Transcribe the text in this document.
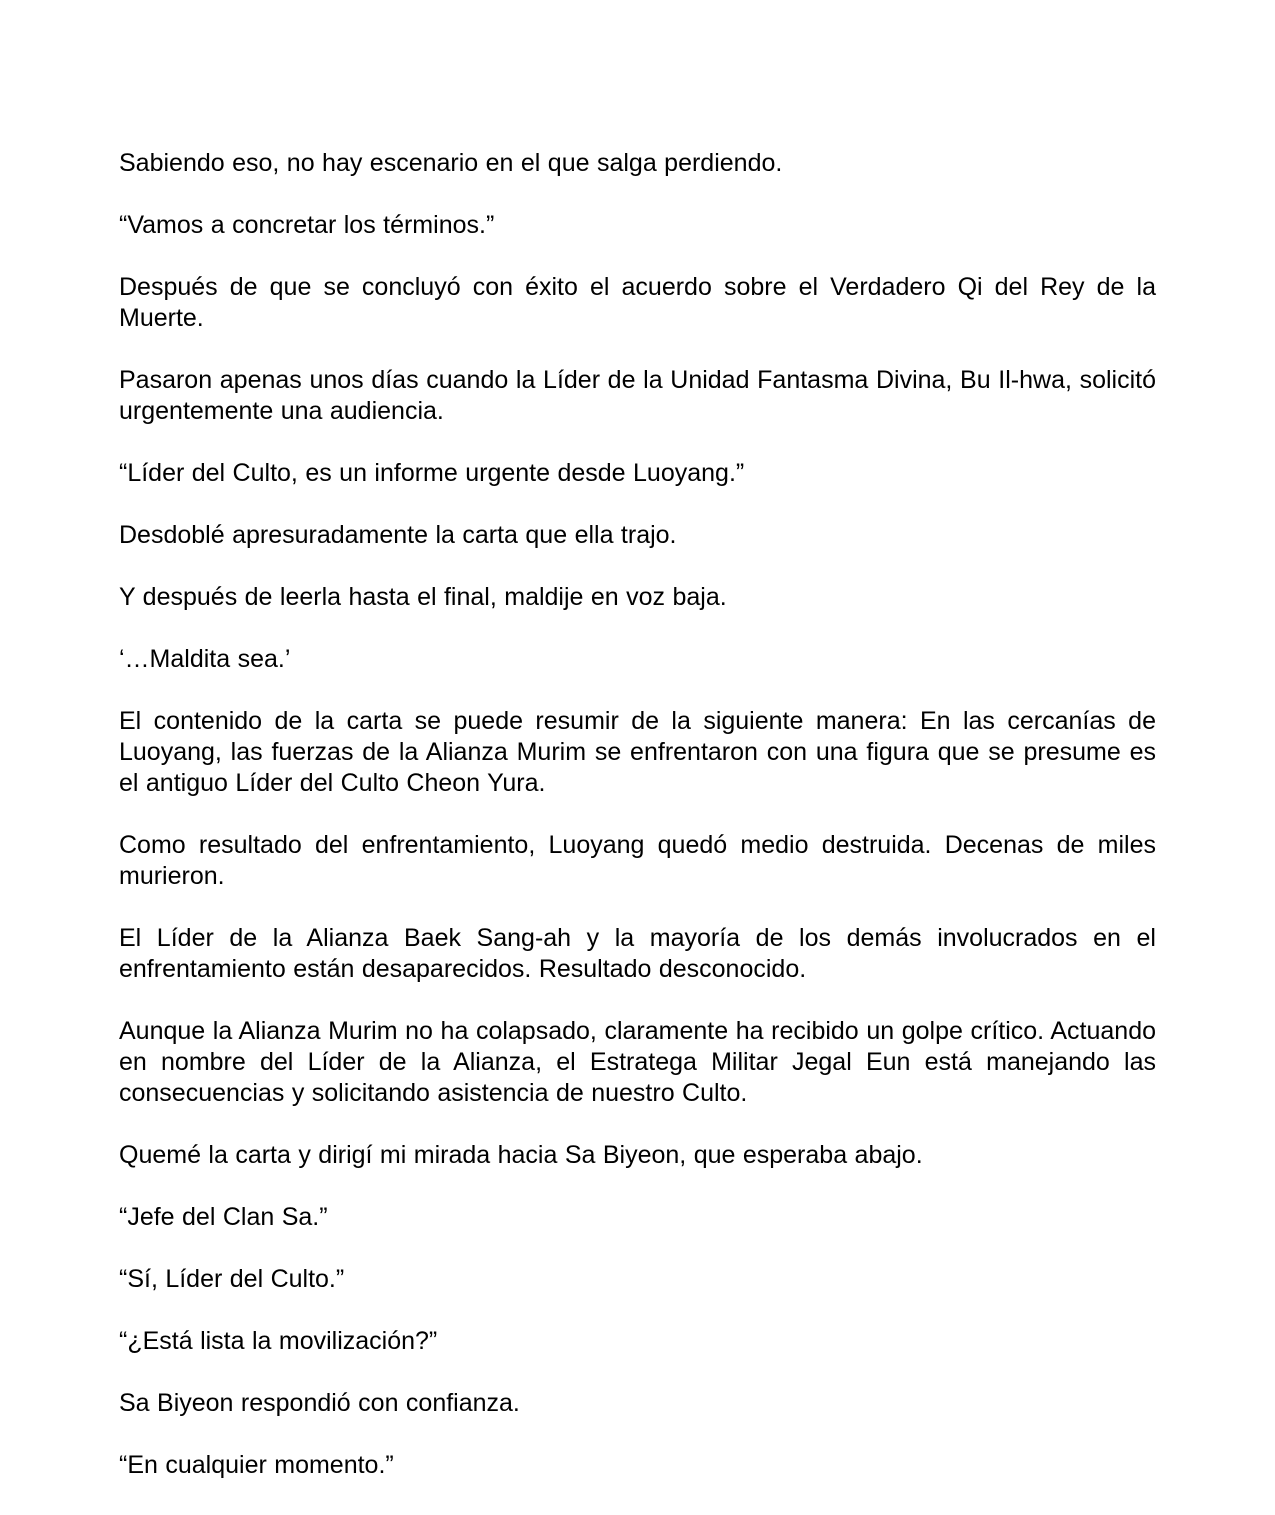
Sabiendo eso, no hay escenario en el que salga perdiendo.

“Vamos a concretar los términos.”

Después de que se concluyó con éxito el acuerdo sobre el Verdadero Qi del Rey de la Muerte.

Pasaron apenas unos días cuando la Líder de la Unidad Fantasma Divina, Bu Il-hwa, solicitó urgentemente una audiencia.

“Líder del Culto, es un informe urgente desde Luoyang.”

Desdoblé apresuradamente la carta que ella trajo.

Y después de leerla hasta el final, maldije en voz baja.

‘…Maldita sea.’

El contenido de la carta se puede resumir de la siguiente manera: En las cercanías de Luoyang, las fuerzas de la Alianza Murim se enfrentaron con una figura que se presume es el antiguo Líder del Culto Cheon Yura.

Como resultado del enfrentamiento, Luoyang quedó medio destruida. Decenas de miles murieron.

El Líder de la Alianza Baek Sang-ah y la mayoría de los demás involucrados en el enfrentamiento están desaparecidos. Resultado desconocido.

Aunque la Alianza Murim no ha colapsado, claramente ha recibido un golpe crítico. Actuando en nombre del Líder de la Alianza, el Estratega Militar Jegal Eun está manejando las consecuencias y solicitando asistencia de nuestro Culto.

Quemé la carta y dirigí mi mirada hacia Sa Biyeon, que esperaba abajo.

“Jefe del Clan Sa.”

“Sí, Líder del Culto.”

“¿Está lista la movilización?”

Sa Biyeon respondió con confianza.

“En cualquier momento.”
